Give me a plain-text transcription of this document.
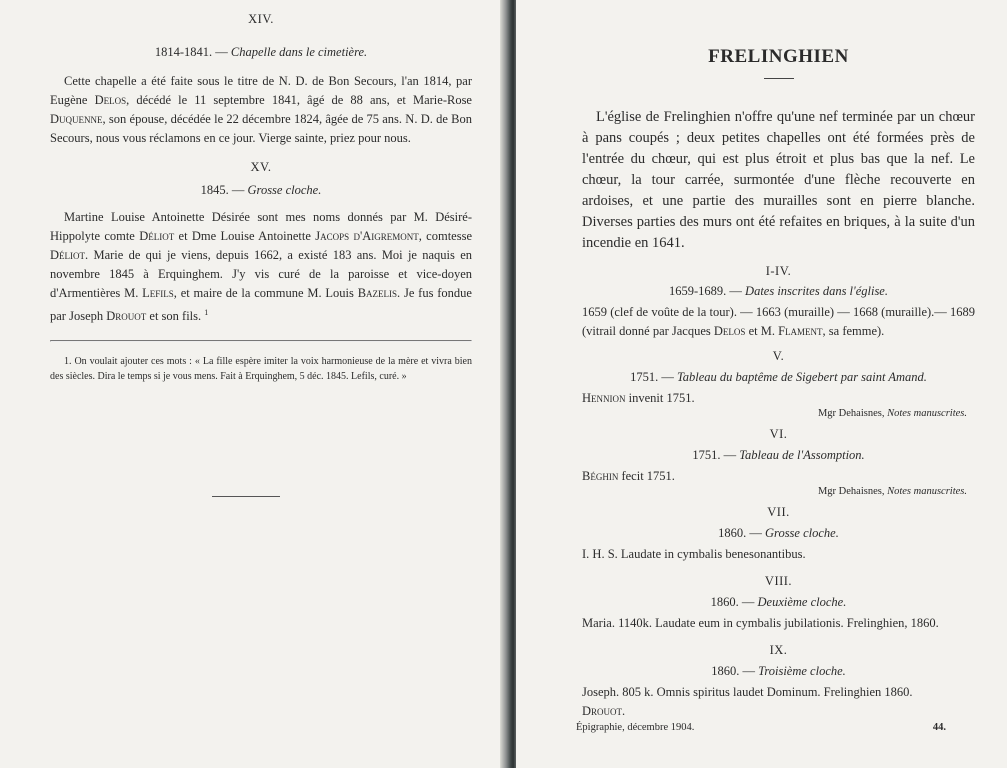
XIV.
1814-1841. — Chapelle dans le cimetière.

Cette chapelle a été faite sous le titre de N. D. de Bon Secours, l'an 1814, par Eugène Delos, décédé le 11 septembre 1841, âgé de 88 ans, et Marie-Rose Duquenne, son épouse, décédée le 22 décembre 1824, âgée de 75 ans. N. D. de Bon Secours, nous vous réclamons en ce jour. Vierge sainte, priez pour nous.

XV.
1845. — Grosse cloche.

Martine Louise Antoinette Désirée sont mes noms donnés par M. Désiré-Hippolyte comte Déliot et Dme Louise Antoinette Jacops d'Aigremont, comtesse Déliot. Marie de qui je viens, depuis 1662, a existé 183 ans. Moi je naquis en novembre 1845 à Erquinghem. J'y vis curé de la paroisse et vice-doyen d'Armentières M. Lefils, et maire de la commune M. Louis Bazelis. Je fus fondue par Joseph Drouot et son fils. $^1$

1. On voulait ajouter ces mots : « La fille espère imiter la voix harmonieuse de la mère et vivra bien des siècles. Dira le temps si je vous mens. Fait à Erquinghem, 5 déc. 1845. Lefils, curé. »

FRELINGHIEN

L'église de Frelinghien n'offre qu'une nef terminée par un chœur à pans coupés ; deux petites chapelles ont été formées près de l'entrée du chœur, qui est plus étroit et plus bas que la nef. Le chœur, la tour carrée, surmontée d'une flèche recouverte en ardoises, et une partie des murailles sont en pierre blanche. Diverses parties des murs ont été refaites en briques, à la suite d'un incendie en 1641.

I-IV.
1659-1689. — Dates inscrites dans l'église.

1659 (clef de voûte de la tour). — 1663 (muraille) — 1668 (muraille).— 1689 (vitrail donné par Jacques Delos et M. Flament, sa femme).

V.
1751. — Tableau du baptême de Sigebert par saint Amand.

Hennion invenit 1751.

Mgr Dehaisnes, Notes manuscrites.
VI.
1751. — Tableau de l'Assomption.

Béghin fecit 1751.

Mgr Dehaisnes, Notes manuscrites.
VII.
1860. — Grosse cloche.

I. H. S. Laudate in cymbalis benesonantibus.

VIII.
1860. — Deuxième cloche.

Maria. 1140k. Laudate eum in cymbalis jubilationis. Frelinghien, 1860.

IX.
1860. — Troisième cloche.

Joseph. 805 k. Omnis spiritus laudet Dominum. Frelinghien 1860.
Drouot.

Épigraphie, décembre 1904.	44.
